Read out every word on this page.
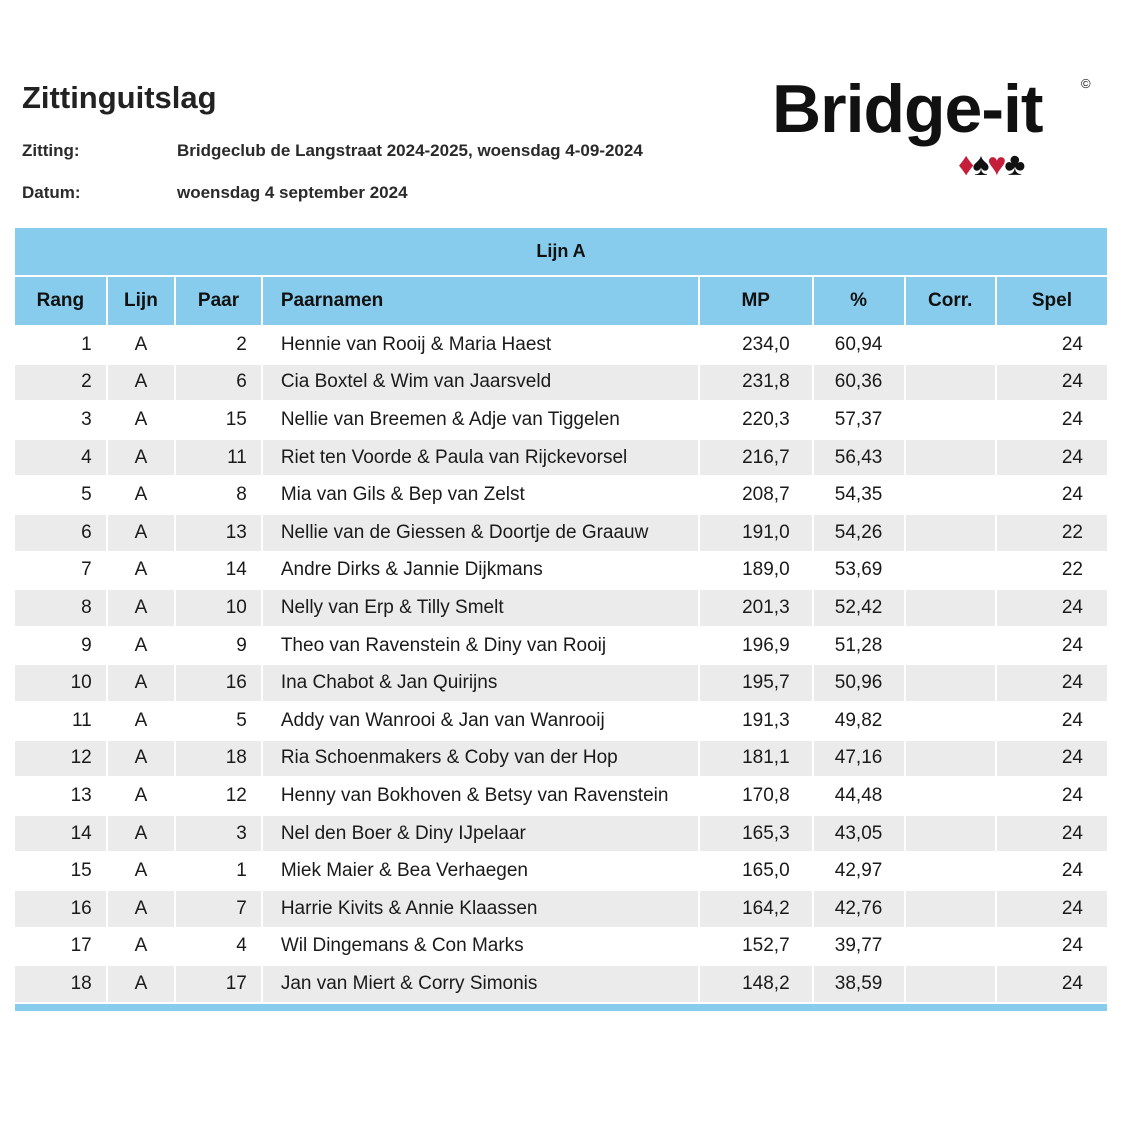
Zittinguitslag
Zitting:	Bridgeclub de Langstraat 2024-2025, woensdag 4-09-2024
Datum:	woensdag 4 september 2024
Bridge-it	©
♦♠♥♣
Lijn A							
Rang	Lijn	Paar	Paarnamen	MP	%	Corr.	Spel
1	A	2	Hennie van Rooij & Maria Haest	234,0	60,94		24
2	A	6	Cia Boxtel & Wim van Jaarsveld	231,8	60,36		24
3	A	15	Nellie van Breemen & Adje van Tiggelen	220,3	57,37		24
4	A	11	Riet ten Voorde & Paula van Rijckevorsel	216,7	56,43		24
5	A	8	Mia van Gils & Bep van Zelst	208,7	54,35		24
6	A	13	Nellie van de Giessen & Doortje de Graauw	191,0	54,26		22
7	A	14	Andre Dirks & Jannie Dijkmans	189,0	53,69		22
8	A	10	Nelly van Erp & Tilly Smelt	201,3	52,42		24
9	A	9	Theo van Ravenstein & Diny van Rooij	196,9	51,28		24
10	A	16	Ina Chabot & Jan Quirijns	195,7	50,96		24
11	A	5	Addy van Wanrooi & Jan van Wanrooij	191,3	49,82		24
12	A	18	Ria Schoenmakers & Coby van der Hop	181,1	47,16		24
13	A	12	Henny van Bokhoven & Betsy van Ravenstein	170,8	44,48		24
14	A	3	Nel den Boer & Diny IJpelaar	165,3	43,05		24
15	A	1	Miek Maier & Bea Verhaegen	165,0	42,97		24
16	A	7	Harrie Kivits & Annie Klaassen	164,2	42,76		24
17	A	4	Wil Dingemans & Con Marks	152,7	39,77		24
18	A	17	Jan van Miert & Corry Simonis	148,2	38,59		24
